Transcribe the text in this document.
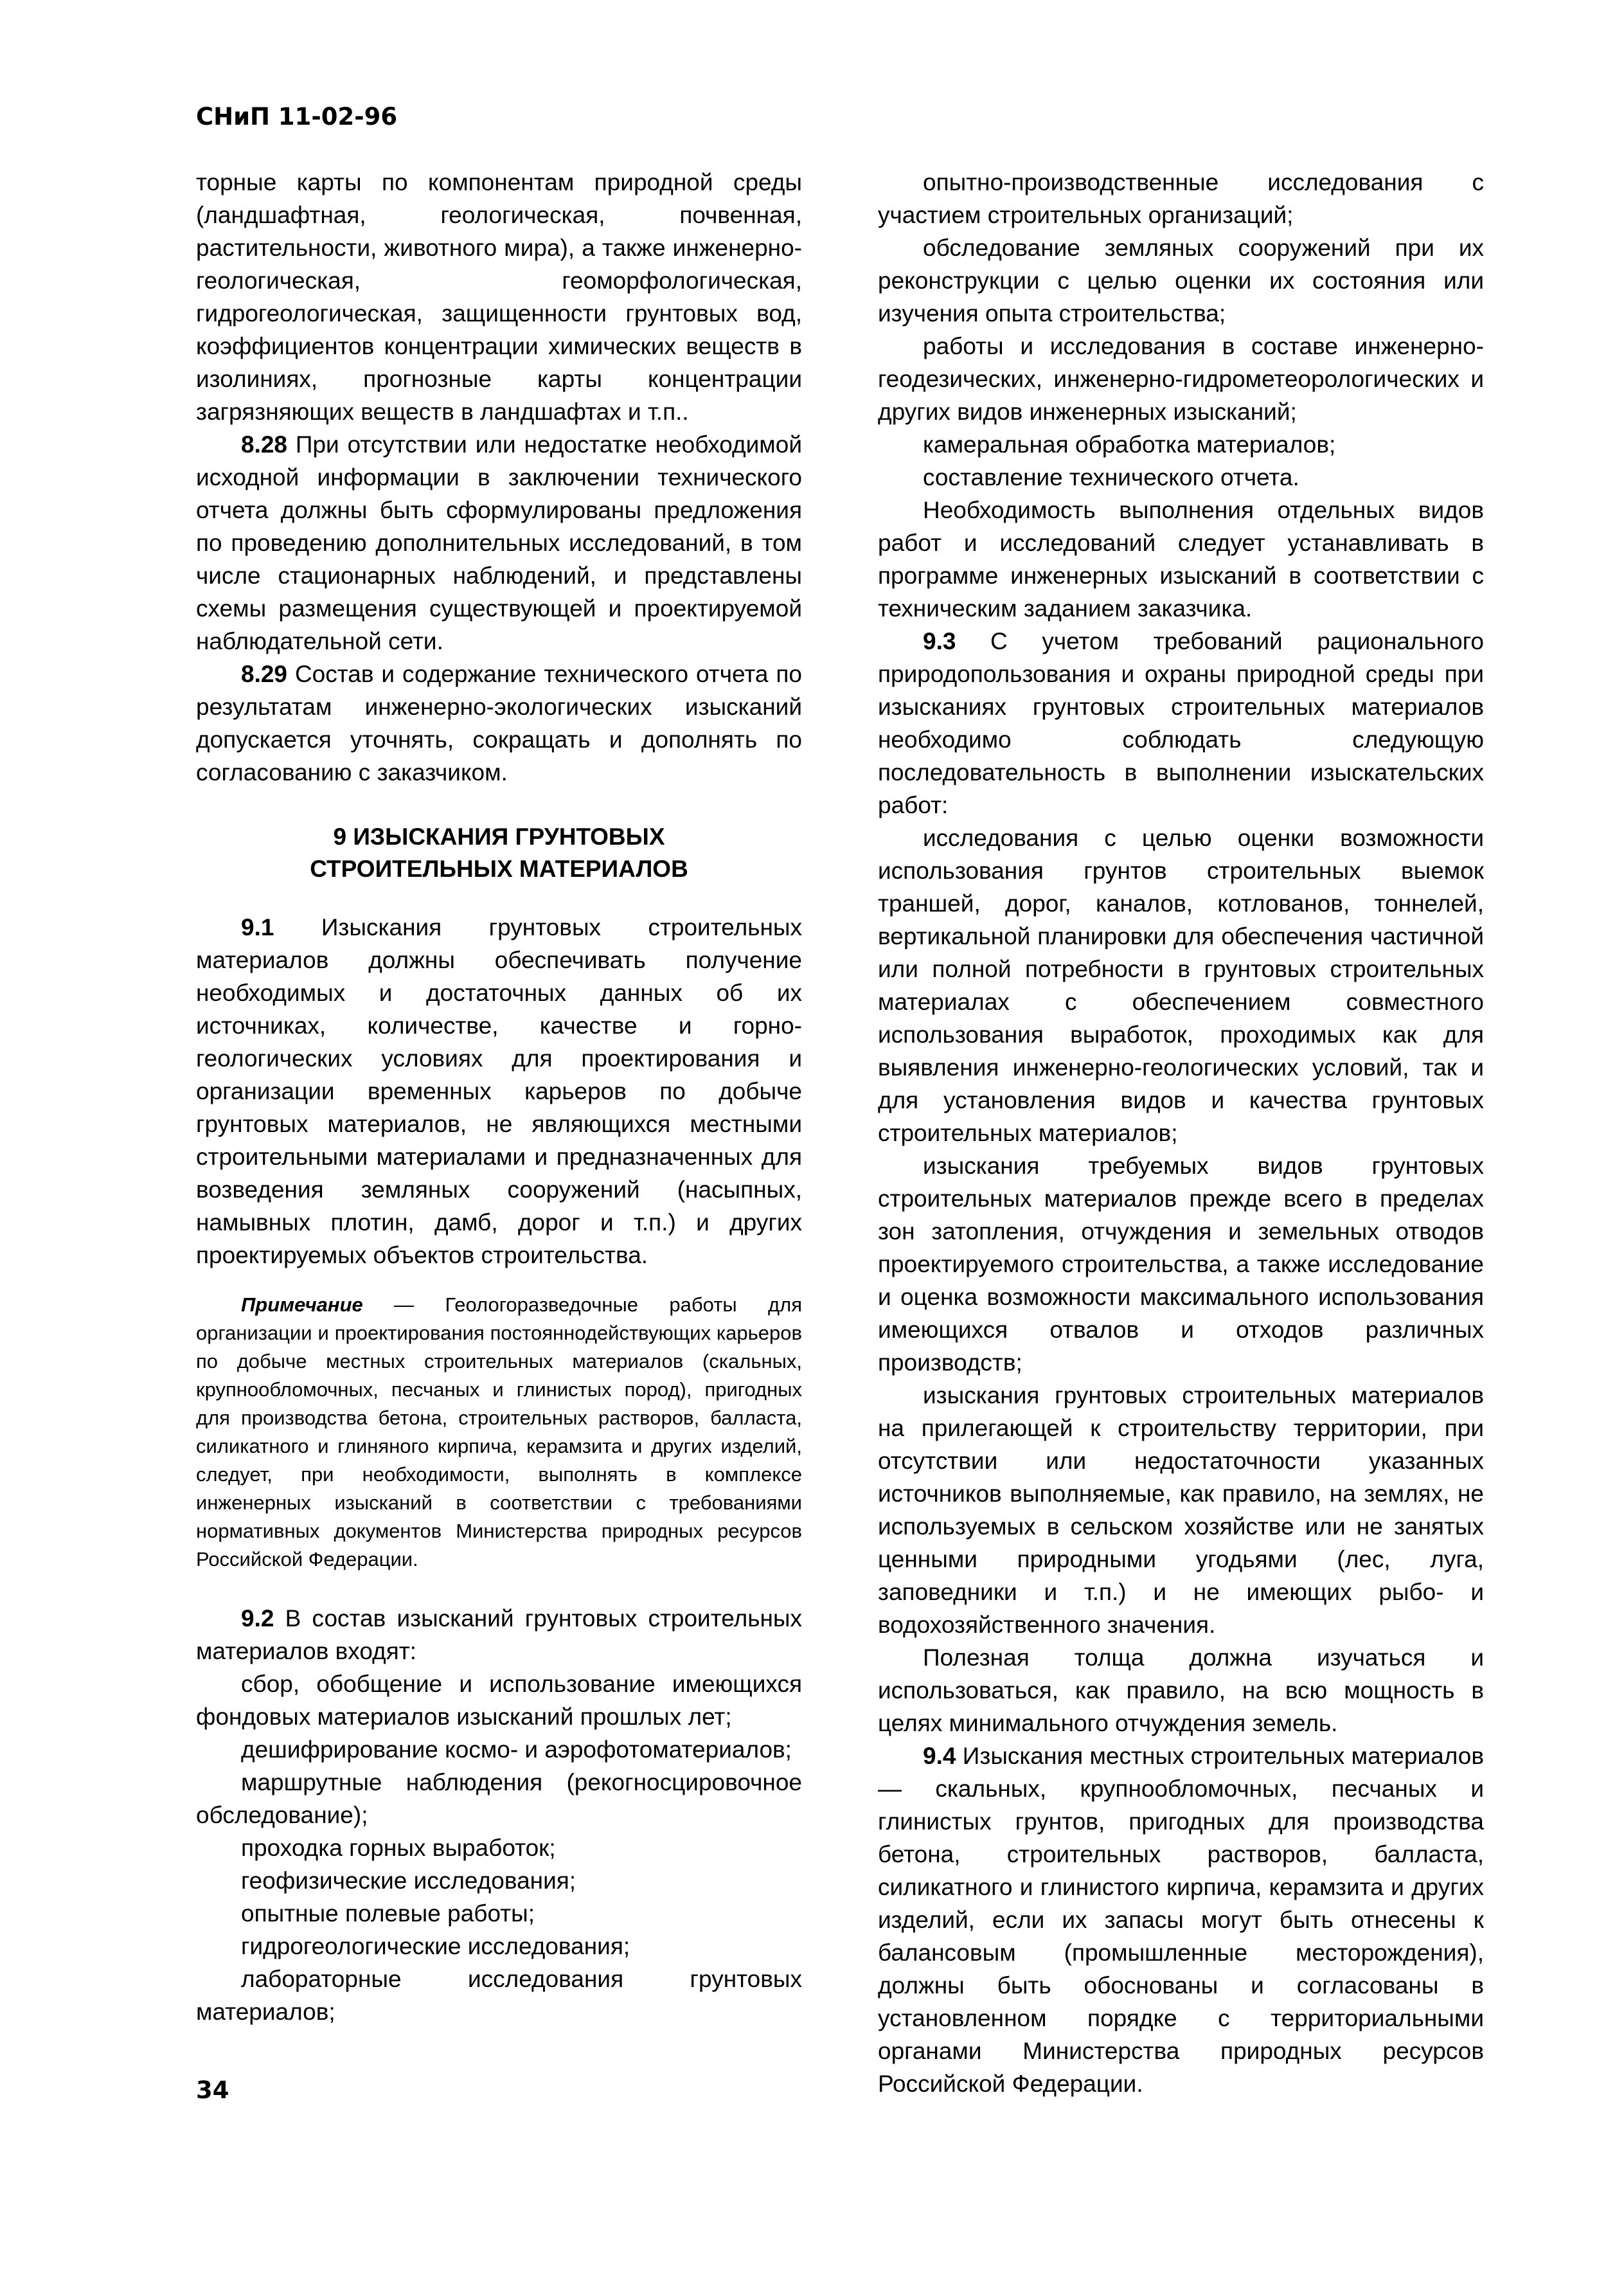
СНиП 11-02-96

торные карты по компонентам природной среды (ландшафтная, геологическая, почвенная, растительности, животного мира), а также инженерно-геологическая, геоморфологическая, гидрогеологическая, защищенности грунтовых вод, коэффициентов концентрации химических веществ в изолиниях, прогнозные карты концентрации загрязняющих веществ в ландшафтах и т.п..

8.28 При отсутствии или недостатке необходимой исходной информации в заключении технического отчета должны быть сформулированы предложения по проведению дополнительных исследований, в том числе стационарных наблюдений, и представлены схемы размещения существующей и проектируемой наблюдательной сети.

8.29 Состав и содержание технического отчета по результатам инженерно-экологических изысканий допускается уточнять, сокращать и дополнять по согласованию с заказчиком.

9 ИЗЫСКАНИЯ ГРУНТОВЫХ
СТРОИТЕЛЬНЫХ МАТЕРИАЛОВ

9.1 Изыскания грунтовых строительных материалов должны обеспечивать получение необходимых и достаточных данных об их источниках, количестве, качестве и горно-геологических условиях для проектирования и организации временных карьеров по добыче грунтовых материалов, не являющихся местными строительными материалами и предназначенных для возведения земляных сооружений (насыпных, намывных плотин, дамб, дорог и т.п.) и других проектируемых объектов строительства.

Примечание — Геологоразведочные работы для организации и проектирования постояннодействующих карьеров по добыче местных строительных материалов (скальных, крупнообломочных, песчаных и глинистых пород), пригодных для производства бетона, строительных растворов, балласта, силикатного и глиняного кирпича, керамзита и других изделий, следует, при необходимости, выполнять в комплексе инженерных изысканий в соответствии с требованиями нормативных документов Министерства природных ресурсов Российской Федерации.

9.2 В состав изысканий грунтовых строительных материалов входят:

сбор, обобщение и использование имеющихся фондовых материалов изысканий прошлых лет;

дешифрирование космо- и аэрофотоматериалов;

маршрутные наблюдения (рекогносцировочное обследование);

проходка горных выработок;

геофизические исследования;

опытные полевые работы;

гидрогеологические исследования;

лабораторные исследования грунтовых материалов;

опытно-производственные исследования с участием строительных организаций;

обследование земляных сооружений при их реконструкции с целью оценки их состояния или изучения опыта строительства;

работы и исследования в составе инженерно-геодезических, инженерно-гидрометеорологических и других видов инженерных изысканий;

камеральная обработка материалов;

составление технического отчета.

Необходимость выполнения отдельных видов работ и исследований следует устанавливать в программе инженерных изысканий в соответствии с техническим заданием заказчика.

9.3 С учетом требований рационального природопользования и охраны природной среды при изысканиях грунтовых строительных материалов необходимо соблюдать следующую последовательность в выполнении изыскательских работ:

исследования с целью оценки возможности использования грунтов строительных выемок траншей, дорог, каналов, котлованов, тоннелей, вертикальной планировки для обеспечения частичной или полной потребности в грунтовых строительных материалах с обеспечением совместного использования выработок, проходимых как для выявления инженерно-геологических условий, так и для установления видов и качества грунтовых строительных материалов;

изыскания требуемых видов грунтовых строительных материалов прежде всего в пределах зон затопления, отчуждения и земельных отводов проектируемого строительства, а также исследование и оценка возможности максимального использования имеющихся отвалов и отходов различных производств;

изыскания грунтовых строительных материалов на прилегающей к строительству территории, при отсутствии или недостаточности указанных источников выполняемые, как правило, на землях, не используемых в сельском хозяйстве или не занятых ценными природными угодьями (лес, луга, заповедники и т.п.) и не имеющих рыбо- и водохозяйственного значения.

Полезная толща должна изучаться и использоваться, как правило, на всю мощность в целях минимального отчуждения земель.

9.4 Изыскания местных строительных материалов — скальных, крупнообломочных, песчаных и глинистых грунтов, пригодных для производства бетона, строительных растворов, балласта, силикатного и глинистого кирпича, керамзита и других изделий, если их запасы могут быть отнесены к балансовым (промышленные месторождения), должны быть обоснованы и согласованы в установленном порядке с территориальными органами Министерства природных ресурсов Российской Федерации.

34
